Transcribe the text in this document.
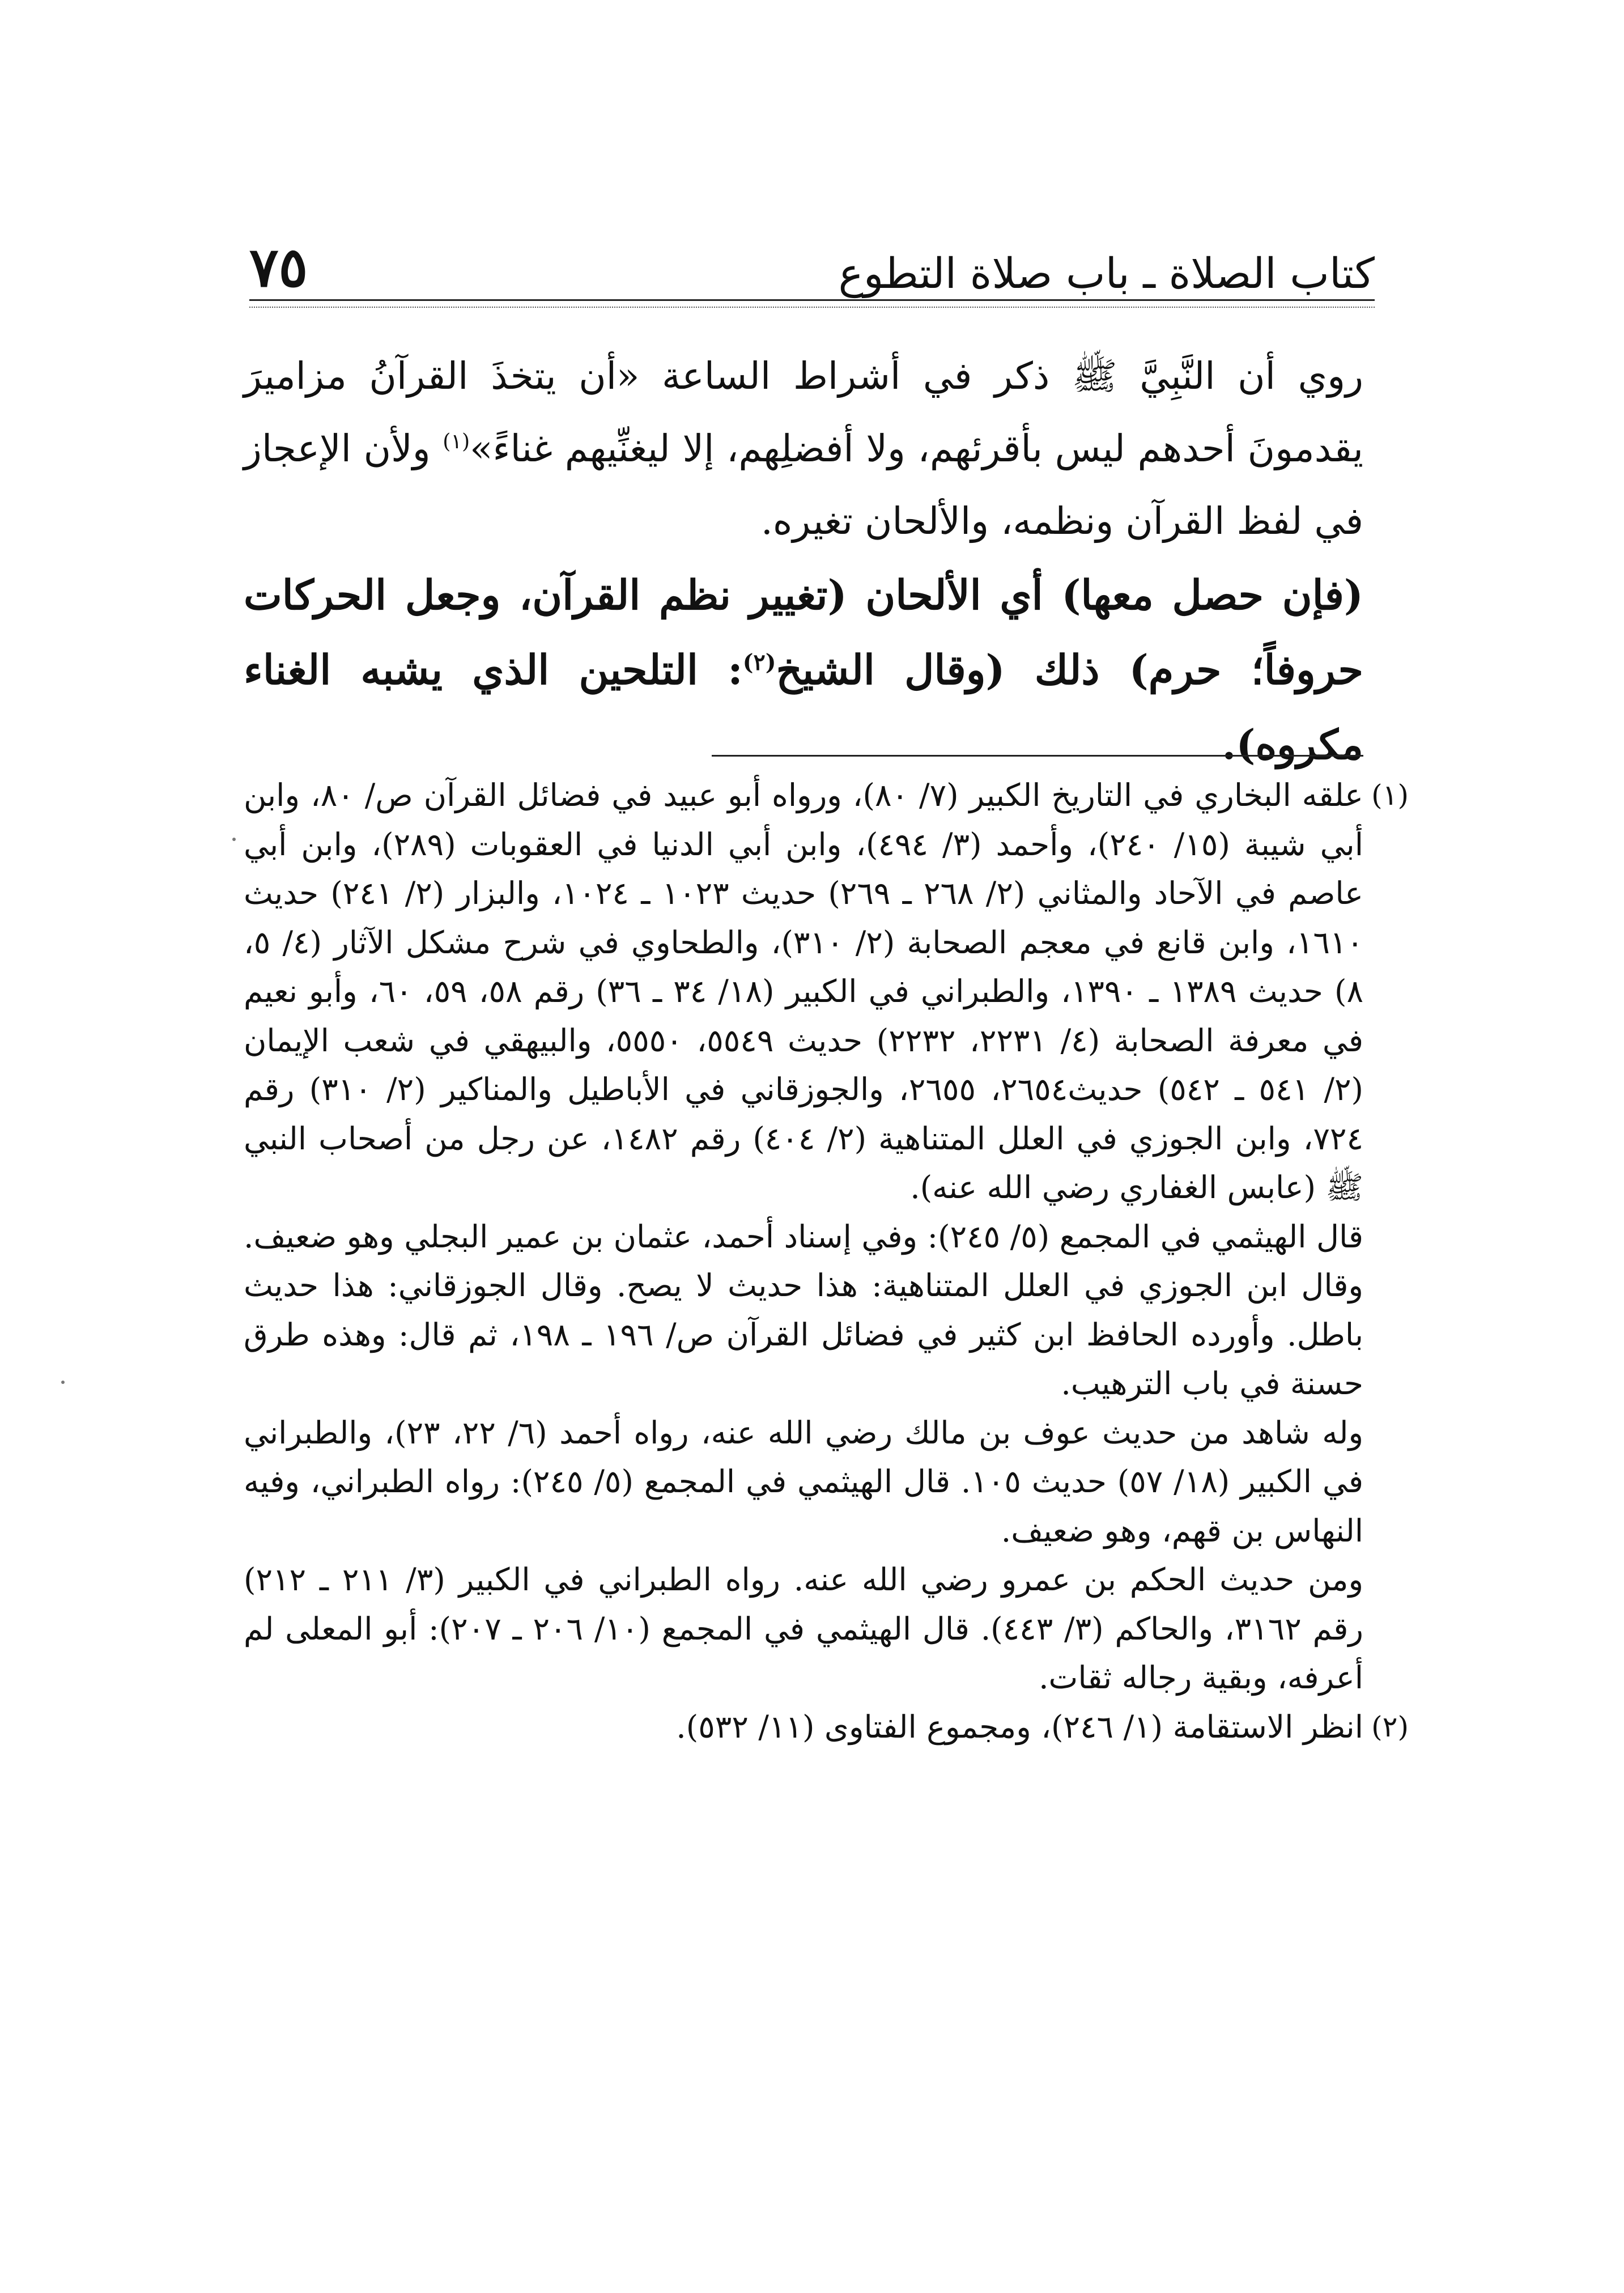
كتاب الصلاة ـ باب صلاة التطوع
٧٥

روي أن النَّبِيَّ ﷺ ذكر في أشراط الساعة «أن يتخذَ القرآنُ مزاميرَ يقدمونَ أحدهم ليس بأقرئهم، ولا أفضلِهم، إلا ليغنِّيهم غناءً»$^{(١)}$ ولأن الإعجاز في لفظ القرآن ونظمه، والألحان تغيره.

(فإن حصل معها) أي الألحان (تغيير نظم القرآن، وجعل الحركات حروفاً؛ حرم) ذلك (وقال الشيخ$^{(٢)}$: التلحين الذي يشبه الغناء مكروه).

(١)

علقه البخاري في التاريخ الكبير (٧/ ٨٠)، ورواه أبو عبيد في فضائل القرآن ص/ ٨٠، وابن أبي شيبة (١٥/ ٢٤٠)، وأحمد (٣/ ٤٩٤)، وابن أبي الدنيا في العقوبات (٢٨٩)، وابن أبي عاصم في الآحاد والمثاني (٢/ ٢٦٨ ـ ٢٦٩) حديث ١٠٢٣ ـ ١٠٢٤، والبزار (٢/ ٢٤١) حديث ١٦١٠، وابن قانع في معجم الصحابة (٢/ ٣١٠)، والطحاوي في شرح مشكل الآثار (٤/ ٥، ٨) حديث ١٣٨٩ ـ ١٣٩٠، والطبراني في الكبير (١٨/ ٣٤ ـ ٣٦) رقم ٥٨، ٥٩، ٦٠، وأبو نعيم في معرفة الصحابة (٤/ ٢٢٣١، ٢٢٣٢) حديث ٥٥٤٩، ٥٥٥٠، والبيهقي في شعب الإيمان (٢/ ٥٤١ ـ ٥٤٢) حديث٢٦٥٤، ٢٦٥٥، والجوزقاني في الأباطيل والمناكير (٢/ ٣١٠) رقم ٧٢٤، وابن الجوزي في العلل المتناهية (٢/ ٤٠٤) رقم ١٤٨٢، عن رجل من أصحاب النبي ﷺ (عابس الغفاري رضي الله عنه).

قال الهيثمي في المجمع (٥/ ٢٤٥): وفي إسناد أحمد، عثمان بن عمير البجلي وهو ضعيف. وقال ابن الجوزي في العلل المتناهية: هذا حديث لا يصح. وقال الجوزقاني: هذا حديث باطل. وأورده الحافظ ابن كثير في فضائل القرآن ص/ ١٩٦ ـ ١٩٨، ثم قال: وهذه طرق حسنة في باب الترهيب.

وله شاهد من حديث عوف بن مالك رضي الله عنه، رواه أحمد (٦/ ٢٢، ٢٣)، والطبراني في الكبير (١٨/ ٥٧) حديث ١٠٥. قال الهيثمي في المجمع (٥/ ٢٤٥): رواه الطبراني، وفيه النهاس بن قهم، وهو ضعيف.

ومن حديث الحكم بن عمرو رضي الله عنه. رواه الطبراني في الكبير (٣/ ٢١١ ـ ٢١٢) رقم ٣١٦٢، والحاكم (٣/ ٤٤٣). قال الهيثمي في المجمع (١٠/ ٢٠٦ ـ ٢٠٧): أبو المعلى لم أعرفه، وبقية رجاله ثقات.

(٢)

انظر الاستقامة (١/ ٢٤٦)، ومجموع الفتاوى (١١/ ٥٣٢).
